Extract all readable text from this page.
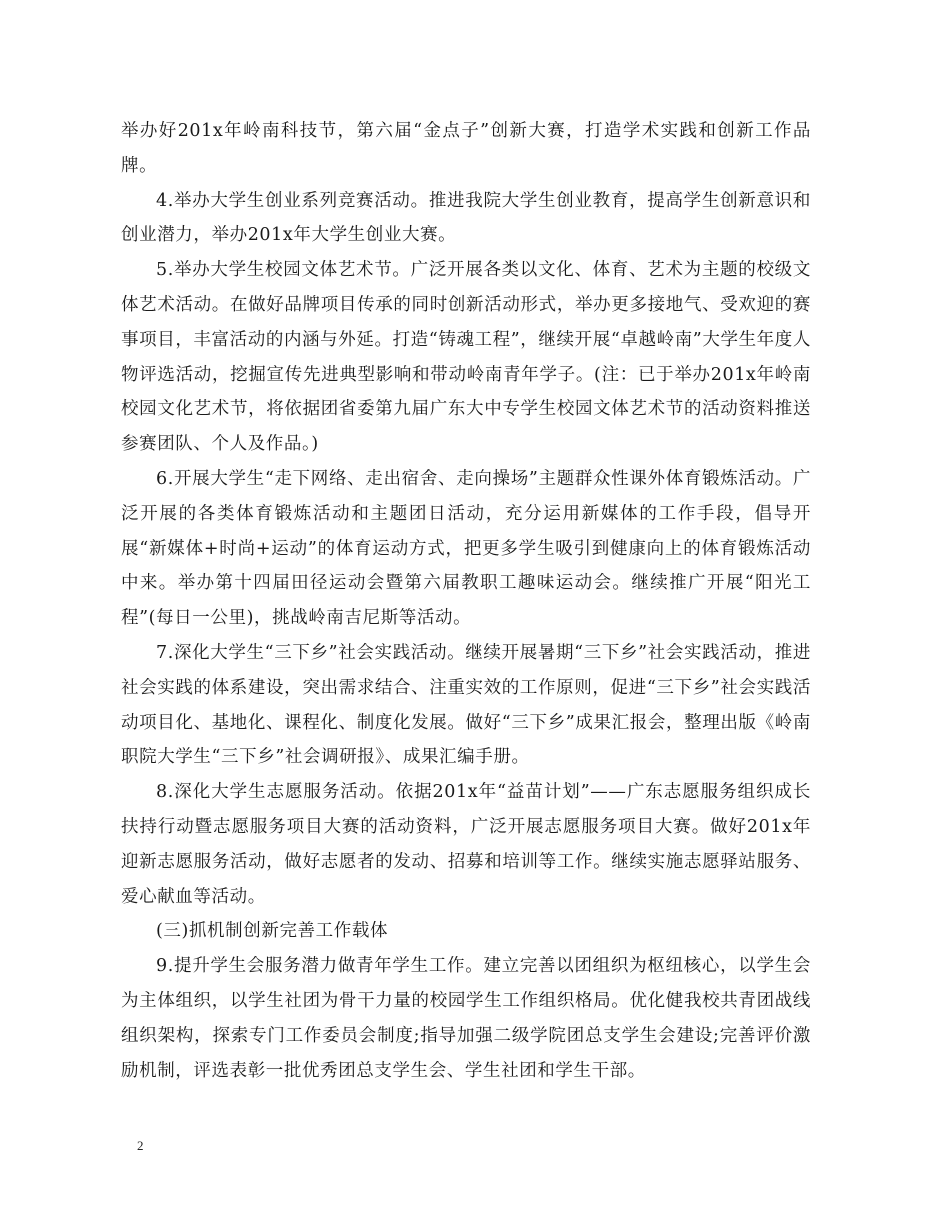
举办好201x年岭南科技节，第六届“金点子”创新大赛，打造学术实践和创新工作品牌。

4.举办大学生创业系列竞赛活动。推进我院大学生创业教育，提高学生创新意识和创业潜力，举办201x年大学生创业大赛。

5.举办大学生校园文体艺术节。广泛开展各类以文化、体育、艺术为主题的校级文体艺术活动。在做好品牌项目传承的同时创新活动形式，举办更多接地气、受欢迎的赛事项目，丰富活动的内涵与外延。打造“铸魂工程”，继续开展“卓越岭南”大学生年度人物评选活动，挖掘宣传先进典型影响和带动岭南青年学子。(注：已于举办201x年岭南校园文化艺术节，将依据团省委第九届广东大中专学生校园文体艺术节的活动资料推送参赛团队、个人及作品。)

6.开展大学生“走下网络、走出宿舍、走向操场”主题群众性课外体育锻炼活动。广泛开展的各类体育锻炼活动和主题团日活动，充分运用新媒体的工作手段，倡导开展“新媒体+时尚+运动”的体育运动方式，把更多学生吸引到健康向上的体育锻炼活动中来。举办第十四届田径运动会暨第六届教职工趣味运动会。继续推广开展“阳光工程”(每日一公里)，挑战岭南吉尼斯等活动。

7.深化大学生“三下乡”社会实践活动。继续开展暑期“三下乡”社会实践活动，推进社会实践的体系建设，突出需求结合、注重实效的工作原则，促进“三下乡”社会实践活动项目化、基地化、课程化、制度化发展。做好“三下乡”成果汇报会，整理出版《岭南职院大学生“三下乡”社会调研报》、成果汇编手册。

8.深化大学生志愿服务活动。依据201x年“益苗计划”——广东志愿服务组织成长扶持行动暨志愿服务项目大赛的活动资料，广泛开展志愿服务项目大赛。做好201x年迎新志愿服务活动，做好志愿者的发动、招募和培训等工作。继续实施志愿驿站服务、爱心献血等活动。

(三)抓机制创新完善工作载体

9.提升学生会服务潜力做青年学生工作。建立完善以团组织为枢纽核心，以学生会为主体组织，以学生社团为骨干力量的校园学生工作组织格局。优化健我校共青团战线组织架构，探索专门工作委员会制度;指导加强二级学院团总支学生会建设;完善评价激励机制，评选表彰一批优秀团总支学生会、学生社团和学生干部。

2
